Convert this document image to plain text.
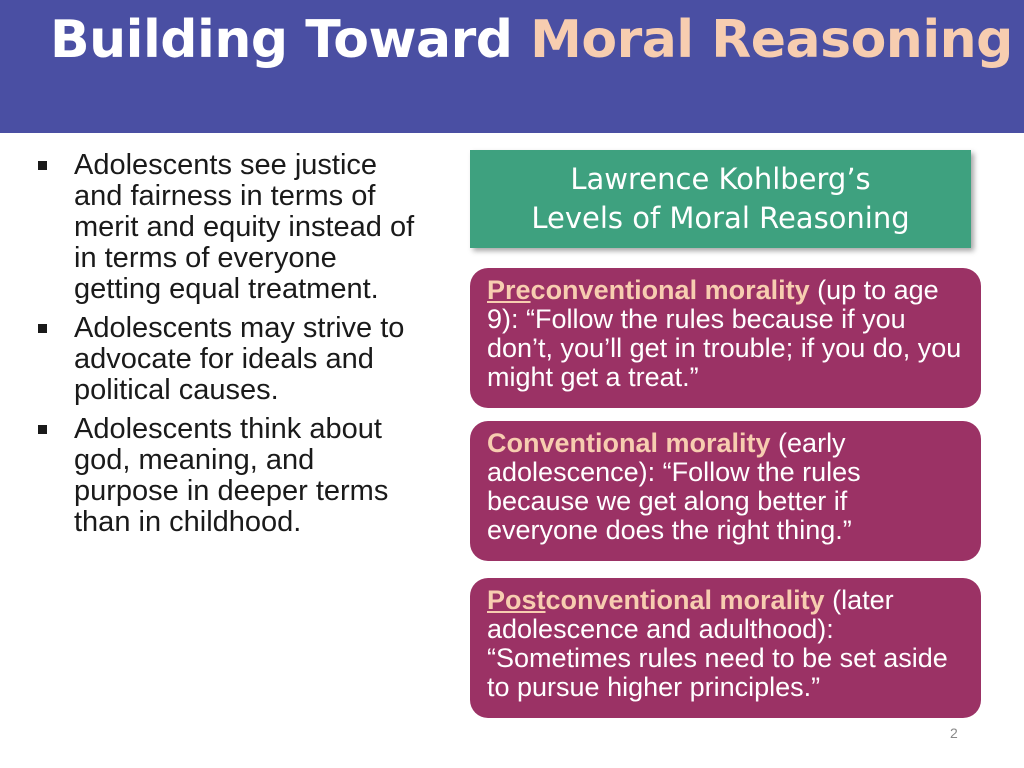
Building Toward Moral Reasoning
Adolescents see justice and fairness in terms of merit and equity instead of in terms of everyone getting equal treatment.
Adolescents may strive to advocate for ideals and political causes.
Adolescents think about god, meaning, and purpose in deeper terms than in childhood.
Lawrence Kohlberg’s
Levels of Moral Reasoning
Preconventional morality (up to age 9): “Follow the rules because if you don’t, you’ll get in trouble; if you do, you might get a treat.”
Conventional morality (early adolescence): “Follow the rules because we get along better if everyone does the right thing.”
Postconventional morality (later adolescence and adulthood): “Sometimes rules need to be set aside to pursue higher principles.”
2
